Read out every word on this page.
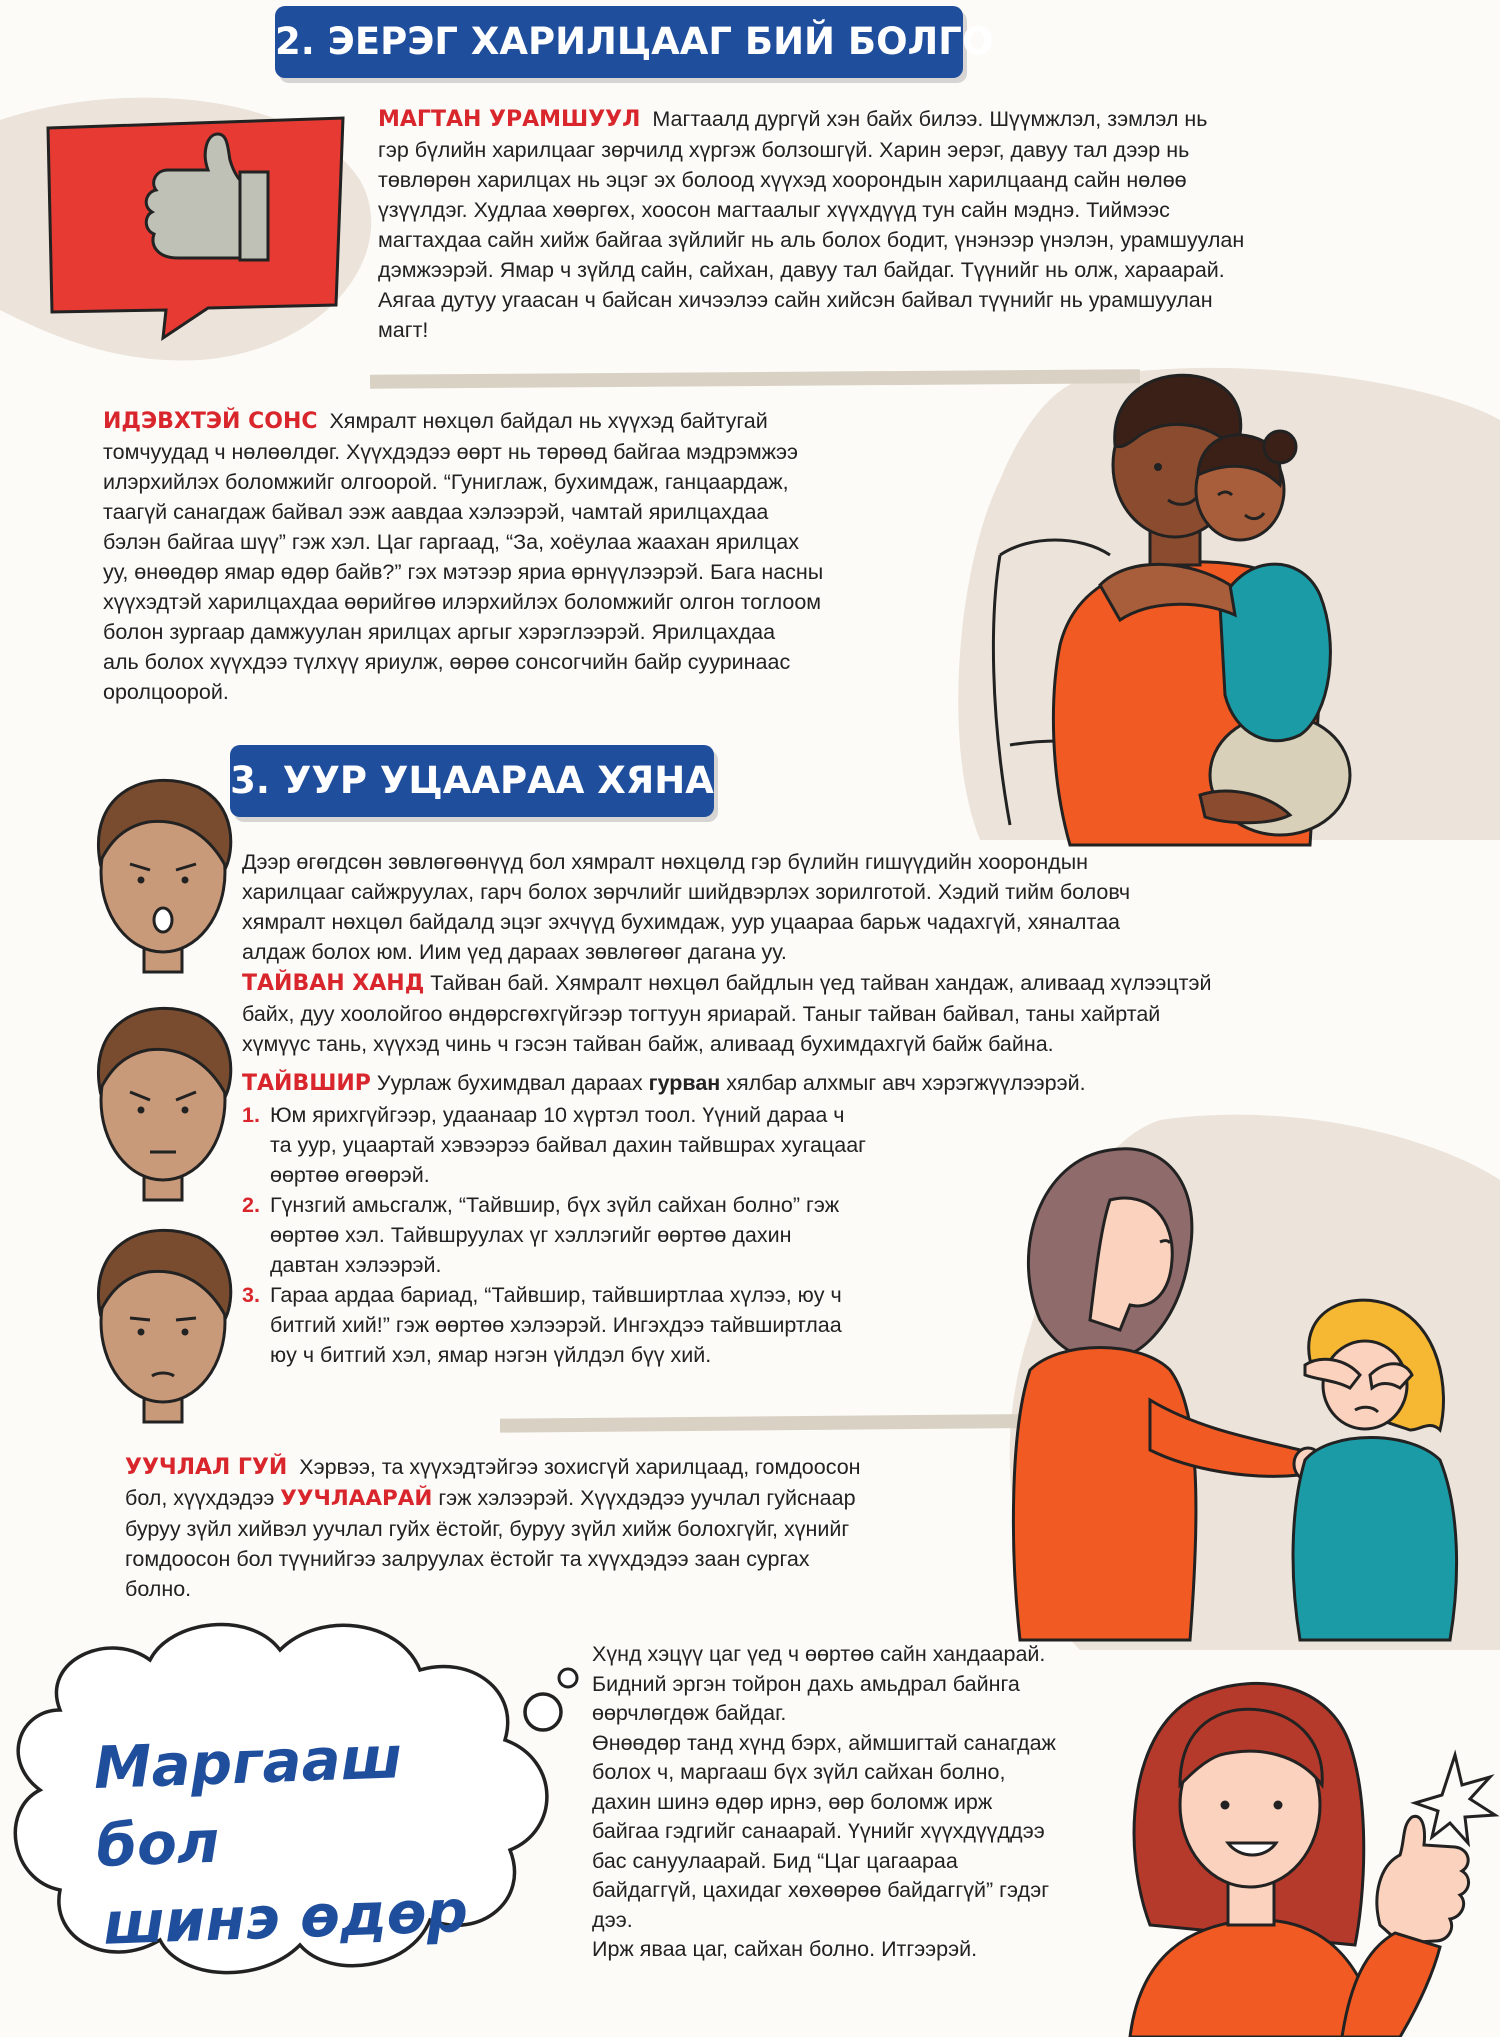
2. ЭЕРЭГ ХАРИЛЦААГ БИЙ БОЛГО
МАГТАН УРАМШУУЛ Магтаалд дургүй хэн байх билээ. Шүүмжлэл, зэмлэл нь
гэр бүлийн харилцааг зөрчилд хүргэж болзошгүй. Харин эерэг, давуу тал дээр нь
төвлөрөн харилцах нь эцэг эх болоод хүүхэд хоорондын харилцаанд сайн нөлөө
үзүүлдэг. Худлаа хөөргөх, хоосон магтаалыг хүүхдүүд тун сайн мэднэ. Тиймээс
магтахдаа сайн хийж байгаа зүйлийг нь аль болох бодит, үнэнээр үнэлэн, урамшуулан
дэмжээрэй. Ямар ч зүйлд сайн, сайхан, давуу тал байдаг. Түүнийг нь олж, хараарай.
Аягаа дутуу угаасан ч байсан хичээлээ сайн хийсэн байвал түүнийг нь урамшуулан
магт!
ИДЭВХТЭЙ СОНС Хямралт нөхцөл байдал нь хүүхэд байтугай
томчуудад ч нөлөөлдөг. Хүүхдэдээ өөрт нь төрөөд байгаа мэдрэмжээ
илэрхийлэх боломжийг олгоорой. “Гуниглаж, бухимдаж, ганцаардаж,
таагүй санагдаж байвал ээж аавдаа хэлээрэй, чамтай ярилцахдаа
бэлэн байгаа шүү” гэж хэл. Цаг гаргаад, “За, хоёулаа жаахан ярилцах
уу, өнөөдөр ямар өдөр байв?” гэх мэтээр яриа өрнүүлээрэй. Бага насны
хүүхэдтэй харилцахдаа өөрийгөө илэрхийлэх боломжийг олгон тоглоом
болон зургаар дамжуулан ярилцах аргыг хэрэглээрэй. Ярилцахдаа
аль болох хүүхдээ түлхүү яриулж, өөрөө сонсогчийн байр сууринаас
оролцоорой.
3. УУР УЦААРАА ХЯНА
Дээр өгөгдсөн зөвлөгөөнүүд бол хямралт нөхцөлд гэр бүлийн гишүүдийн хоорондын
харилцааг сайжруулах, гарч болох зөрчлийг шийдвэрлэх зорилготой. Хэдий тийм боловч
хямралт нөхцөл байдалд эцэг эхчүүд бухимдаж, уур уцаараа барьж чадахгүй, хяналтаа
алдаж болох юм. Иим үед дараах зөвлөгөөг дагана уу.
ТАЙВАН ХАНД Тайван бай. Хямралт нөхцөл байдлын үед тайван хандаж, аливаад хүлээцтэй
байх, дуу хоолойгоо өндөрсгөхгүйгээр тогтуун яриарай. Таныг тайван байвал, таны хайртай
хүмүүс тань, хүүхэд чинь ч гэсэн тайван байж, аливаад бухимдахгүй байж байна.
ТАЙВШИР Уурлаж бухимдвал дараах гурван хялбар алхмыг авч хэрэгжүүлээрэй.
1. Юм ярихгүйгээр, удаанаар 10 хүртэл тоол. Үүний дараа ч
та уур, уцаартай хэвээрээ байвал дахин тайвшрах хугацааг
өөртөө өгөөрэй.
2. Гүнзгий амьсгалж, “Тайвшир, бүх зүйл сайхан болно” гэж
өөртөө хэл. Тайвшруулах үг хэллэгийг өөртөө дахин
давтан хэлээрэй.
3. Гараа ардаа бариад, “Тайвшир, тайвширтлаа хүлээ, юу ч
битгий хий!” гэж өөртөө хэлээрэй. Ингэхдээ тайвширтлаа
юу ч битгий хэл, ямар нэгэн үйлдэл бүү хий.
УУЧЛАЛ ГУЙ Хэрвээ, та хүүхэдтэйгээ зохисгүй харилцаад, гомдоосон
бол, хүүхдэдээ УУЧЛААРАЙ гэж хэлээрэй. Хүүхдэдээ уучлал гуйснаар
буруу зүйл хийвэл уучлал гуйх ёстойг, буруу зүйл хийж болохгүйг, хүнийг
гомдоосон бол түүнийгээ залруулах ёстойг та хүүхдэдээ заан сургах
болно.
Маргааш бол
шинэ өдөр
Хүнд хэцүү цаг үед ч өөртөө сайн хандаарай.
Бидний эргэн тойрон дахь амьдрал байнга
өөрчлөгдөж байдаг.
Өнөөдөр танд хүнд бэрх, аймшигтай санагдаж
болох ч, маргааш бүх зүйл сайхан болно,
дахин шинэ өдөр ирнэ, өөр боломж ирж
байгаа гэдгийг санаарай. Үүнийг хүүхдүүддээ
бас сануулаарай. Бид “Цаг цагаараа
байдаггүй, цахидаг хөхөөрөө байдаггүй” гэдэг
дээ.
Ирж яваа цаг, сайхан болно. Итгээрэй.
